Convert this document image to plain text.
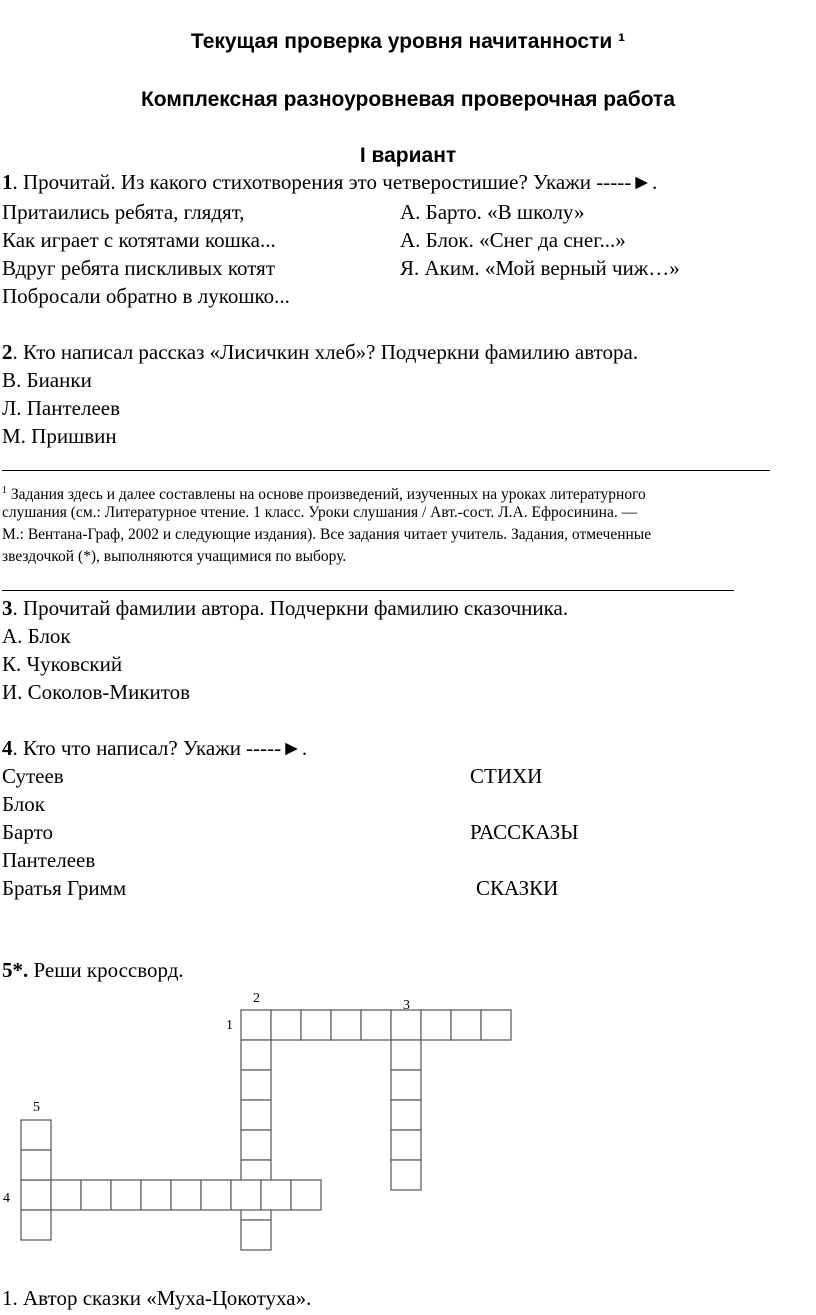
Текущая проверка уровня начитанности ¹
Комплексная разноуровневая проверочная работа
I вариант
1. Прочитай. Из какого стихотворения это четверостишие? Укажи -----►.
Притаились ребята, глядят,
Как играет с котятами кошка...
Вдруг ребята пискливых котят
Побросали обратно в лукошко...
А. Барто. «В школу»
А. Блок. «Снег да снег...»
Я. Аким. «Мой верный чиж…»
2. Кто написал рассказ «Лисичкин хлеб»? Подчеркни фамилию автора.
В. Бианки
Л. Пантелеев
М. Пришвин
$^1$ Задания здесь и далее составлены на основе произведений, изученных на уроках литературного
слушания (см.: Литературное чтение. 1 класс. Уроки слушания / Авт.-сост. Л.А. Ефросинина. —
М.: Вентана-Граф, 2002 и следующие издания). Все задания читает учитель. Задания, отмеченные
звездочкой (*), выполняются учащимися по выбору.
3. Прочитай фамилии автора. Подчеркни фамилию сказочника.
А. Блок
К. Чуковский
И. Соколов-Микитов
4. Кто что написал? Укажи -----►.
Сутеев
Блок
Барто
Пантелеев
Братья Гримм
СТИХИ
РАССКАЗЫ
СКАЗКИ
5*. Реши кроссворд.
2	3
1
5
4
1. Автор сказки «Муха-Цокотуха».
